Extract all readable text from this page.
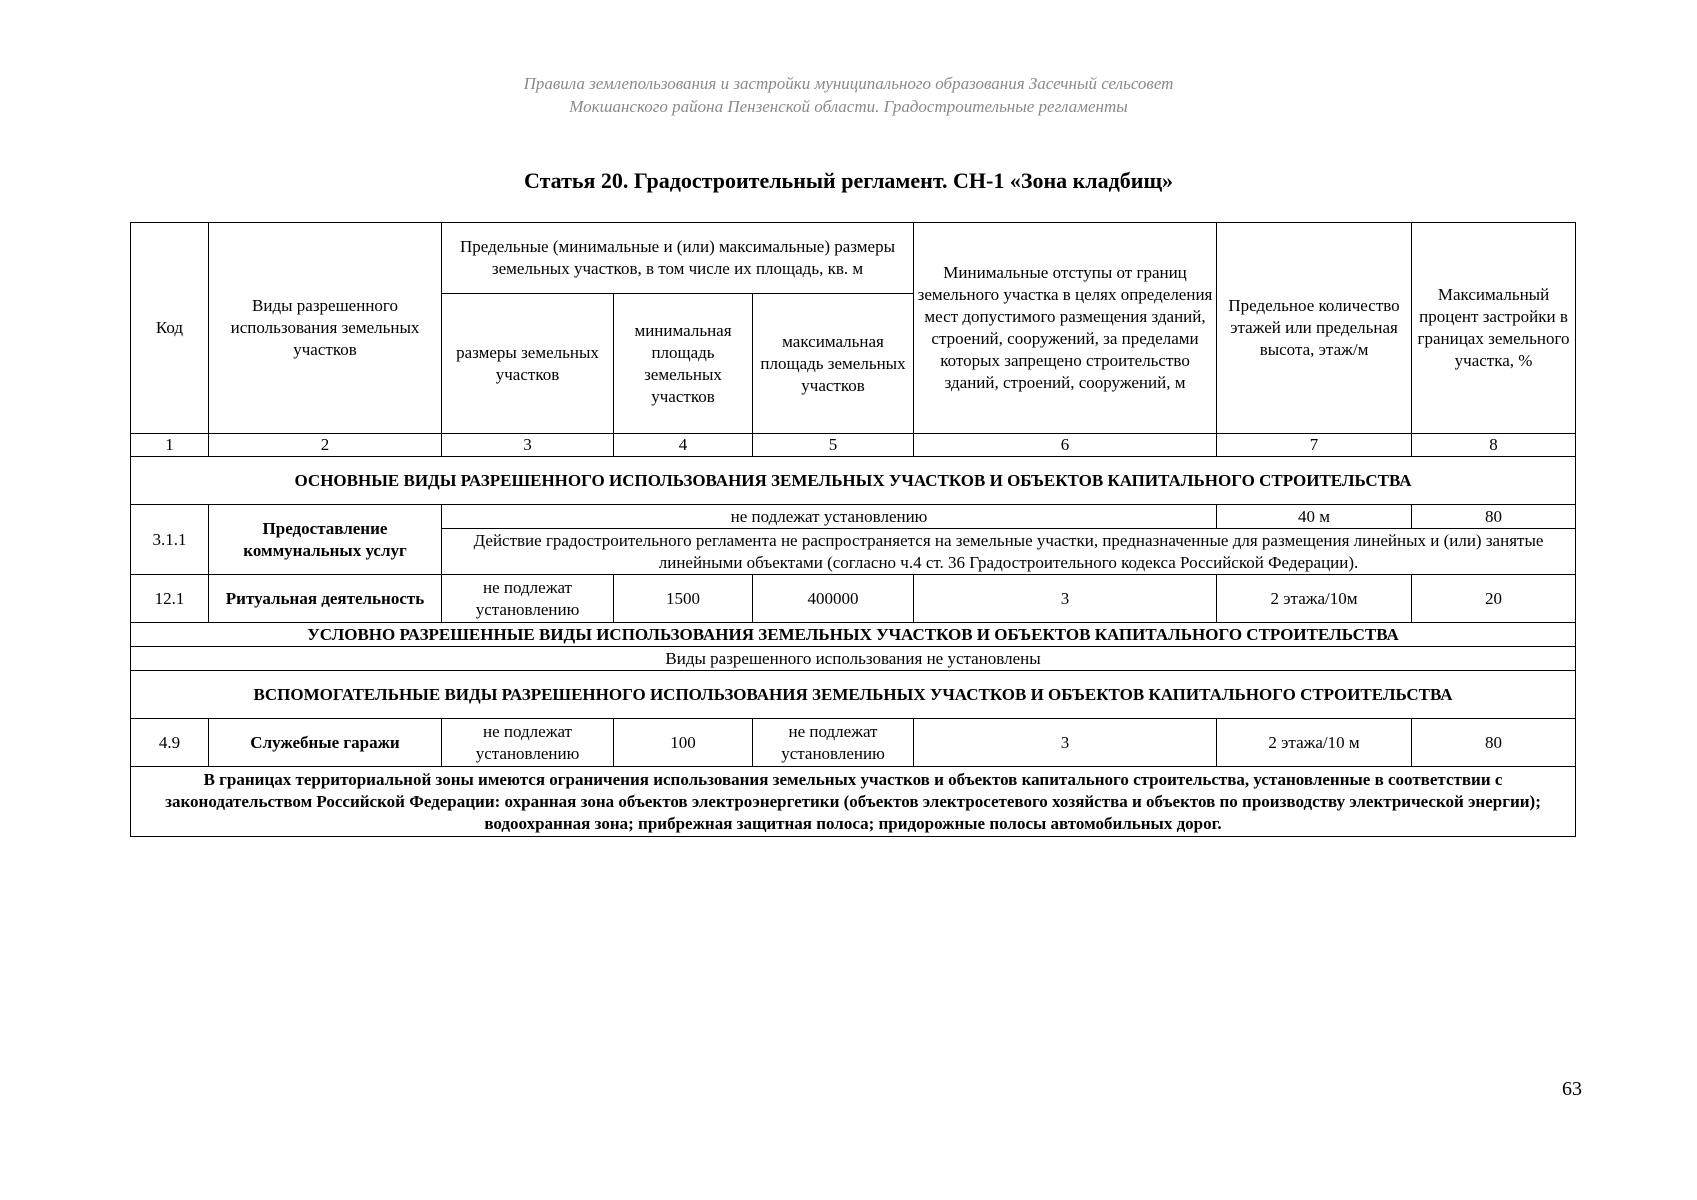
Правила землепользования и застройки муниципального образования Засечный сельсовет
Мокшанского района Пензенской области. Градостроительные регламенты
Статья 20. Градостроительный регламент. СН-1 «Зона кладбищ»
Код	Виды разрешенного использования земельных участков	Предельные (минимальные и (или) максимальные) размеры земельных участков, в том числе их площадь, кв. м			Минимальные отступы от границ земельного участка в целях определения мест допустимого размещения зданий, строений, сооружений, за пределами которых запрещено строительство зданий, строений, сооружений, м	Предельное количество этажей или предельная высота, этаж/м	Максимальный процент застройки в границах земельного участка, %
		размеры земельных участков	минимальная площадь земельных участков	максимальная площадь земельных участков			
1	2	3	4	5	6	7	8
ОСНОВНЫЕ ВИДЫ РАЗРЕШЕННОГО ИСПОЛЬЗОВАНИЯ ЗЕМЕЛЬНЫХ УЧАСТКОВ И ОБЪЕКТОВ КАПИТАЛЬНОГО СТРОИТЕЛЬСТВА							
3.1.1	Предоставление коммунальных услуг	не подлежат установлению				40 м	80
		Действие градостроительного регламента не распространяется на земельные участки, предназначенные для размещения линейных и (или) занятые линейными объектами (согласно ч.4 ст. 36 Градостроительного кодекса Российской Федерации).					
12.1	Ритуальная деятельность	не подлежат установлению	1500	400000	3	2 этажа/10м	20
УСЛОВНО РАЗРЕШЕННЫЕ ВИДЫ ИСПОЛЬЗОВАНИЯ ЗЕМЕЛЬНЫХ УЧАСТКОВ И ОБЪЕКТОВ КАПИТАЛЬНОГО СТРОИТЕЛЬСТВА							
Виды разрешенного использования не установлены							
ВСПОМОГАТЕЛЬНЫЕ ВИДЫ РАЗРЕШЕННОГО ИСПОЛЬЗОВАНИЯ ЗЕМЕЛЬНЫХ УЧАСТКОВ И ОБЪЕКТОВ КАПИТАЛЬНОГО СТРОИТЕЛЬСТВА							
4.9	Служебные гаражи	не подлежат установлению	100	не подлежат установлению	3	2 этажа/10 м	80
В границах территориальной зоны имеются ограничения использования земельных участков и объектов капитального строительства, установленные в соответствии с законодательством Российской Федерации: охранная зона объектов электроэнергетики (объектов электросетевого хозяйства и объектов по производству электрической энергии); водоохранная зона; прибрежная защитная полоса; придорожные полосы автомобильных дорог.							
63
